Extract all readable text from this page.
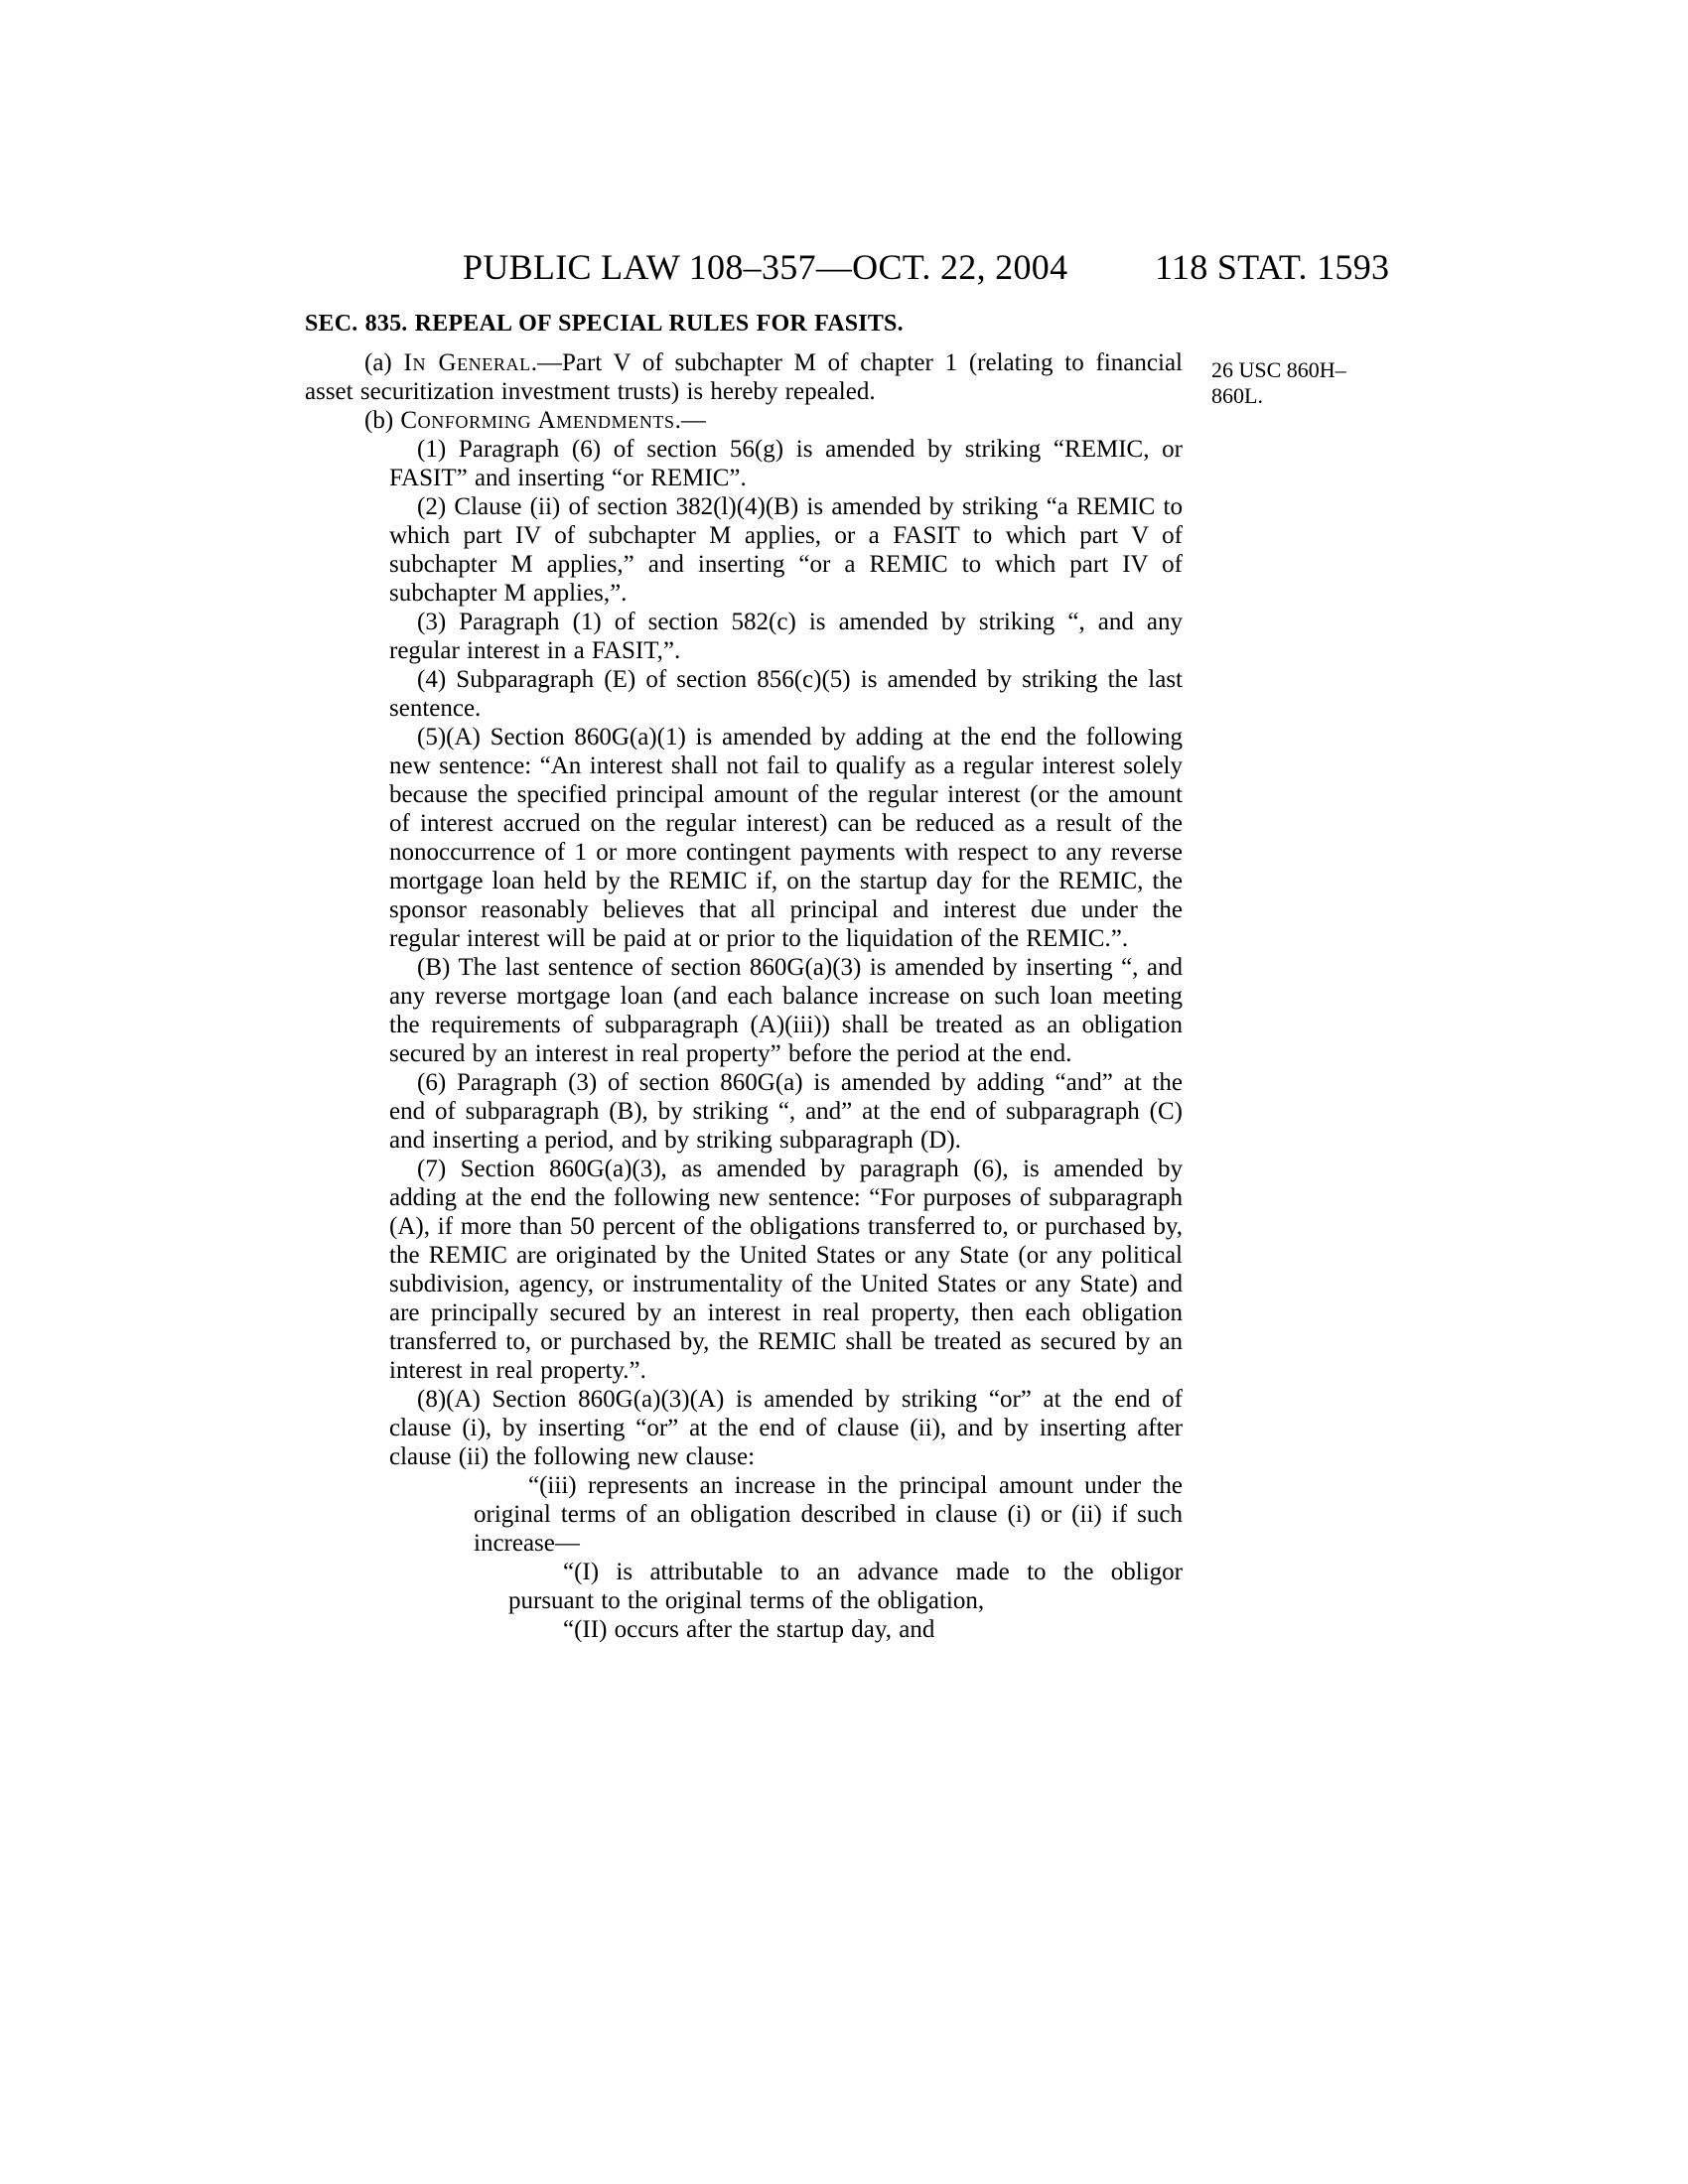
PUBLIC LAW 108–357—OCT. 22, 2004 118 STAT. 1593
26 USC 860H–
860L.
SEC. 835. REPEAL OF SPECIAL RULES FOR FASITS.
(a) In General.—Part V of subchapter M of chapter 1 (relating to financial asset securitization investment trusts) is hereby repealed.
(b) Conforming Amendments.—
(1) Paragraph (6) of section 56(g) is amended by striking “REMIC, or FASIT” and inserting “or REMIC”.
(2) Clause (ii) of section 382(l)(4)(B) is amended by striking “a REMIC to which part IV of subchapter M applies, or a FASIT to which part V of subchapter M applies,” and inserting “or a REMIC to which part IV of subchapter M applies,”.
(3) Paragraph (1) of section 582(c) is amended by striking “, and any regular interest in a FASIT,”.
(4) Subparagraph (E) of section 856(c)(5) is amended by striking the last sentence.
(5)(A) Section 860G(a)(1) is amended by adding at the end the following new sentence: “An interest shall not fail to qualify as a regular interest solely because the specified principal amount of the regular interest (or the amount of interest accrued on the regular interest) can be reduced as a result of the nonoccurrence of 1 or more contingent payments with respect to any reverse mortgage loan held by the REMIC if, on the startup day for the REMIC, the sponsor reasonably believes that all principal and interest due under the regular interest will be paid at or prior to the liquidation of the REMIC.”.
(B) The last sentence of section 860G(a)(3) is amended by inserting “, and any reverse mortgage loan (and each balance increase on such loan meeting the requirements of subparagraph (A)(iii)) shall be treated as an obligation secured by an interest in real property” before the period at the end.
(6) Paragraph (3) of section 860G(a) is amended by adding “and” at the end of subparagraph (B), by striking “, and” at the end of subparagraph (C) and inserting a period, and by striking subparagraph (D).
(7) Section 860G(a)(3), as amended by paragraph (6), is amended by adding at the end the following new sentence: “For purposes of subparagraph (A), if more than 50 percent of the obligations transferred to, or purchased by, the REMIC are originated by the United States or any State (or any political subdivision, agency, or instrumentality of the United States or any State) and are principally secured by an interest in real property, then each obligation transferred to, or purchased by, the REMIC shall be treated as secured by an interest in real property.”.
(8)(A) Section 860G(a)(3)(A) is amended by striking “or” at the end of clause (i), by inserting “or” at the end of clause (ii), and by inserting after clause (ii) the following new clause:
“(iii) represents an increase in the principal amount under the original terms of an obligation described in clause (i) or (ii) if such increase—
“(I) is attributable to an advance made to the obligor pursuant to the original terms of the obligation,
“(II) occurs after the startup day, and
